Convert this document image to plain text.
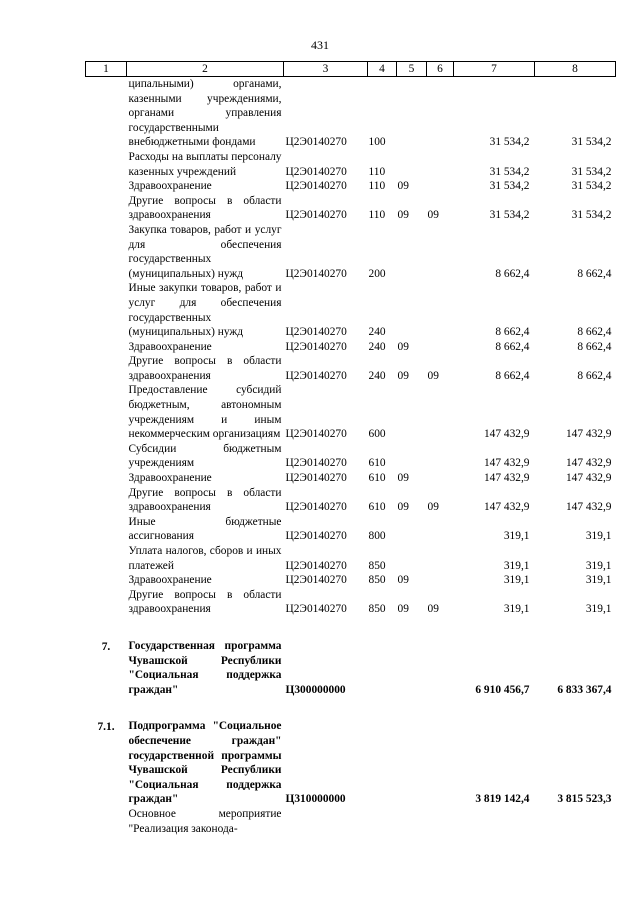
431
1	2	3	4	5	6	7	8
	ципальными) органами, казенными учреждениями, органами управления государственными внебюджетными фондами	Ц2Э0140270	100			31 534,2	31 534,2
	Расходы на выплаты персоналу казенных учреждений	Ц2Э0140270	110			31 534,2	31 534,2
	Здравоохранение	Ц2Э0140270	110	09		31 534,2	31 534,2
	Другие вопросы в области здравоохранения	Ц2Э0140270	110	09	09	31 534,2	31 534,2
	Закупка товаров, работ и услуг для обеспечения государственных (муниципальных) нужд	Ц2Э0140270	200			8 662,4	8 662,4
	Иные закупки товаров, работ и услуг для обеспечения государственных (муниципальных) нужд	Ц2Э0140270	240			8 662,4	8 662,4
	Здравоохранение	Ц2Э0140270	240	09		8 662,4	8 662,4
	Другие вопросы в области здравоохранения	Ц2Э0140270	240	09	09	8 662,4	8 662,4
	Предоставление субсидий бюджетным, автономным учреждениям и иным некоммерческим организациям	Ц2Э0140270	600			147 432,9	147 432,9
	Субсидии бюджетным учреждениям	Ц2Э0140270	610			147 432,9	147 432,9
	Здравоохранение	Ц2Э0140270	610	09		147 432,9	147 432,9
	Другие вопросы в области здравоохранения	Ц2Э0140270	610	09	09	147 432,9	147 432,9
	Иные бюджетные ассигнования	Ц2Э0140270	800			319,1	319,1
	Уплата налогов, сборов и иных платежей	Ц2Э0140270	850			319,1	319,1
	Здравоохранение	Ц2Э0140270	850	09		319,1	319,1
	Другие вопросы в области здравоохранения	Ц2Э0140270	850	09	09	319,1	319,1

7.	Государственная программа Чувашской Республики "Социальная поддержка граждан"	Ц300000000				6 910 456,7	6 833 367,4

7.1.	Подпрограмма "Социальное обеспечение граждан" государственной программы Чувашской Республики "Социальная поддержка граждан"	Ц310000000				3 819 142,4	3 815 523,3
	Основное мероприятие "Реализация законода-						
